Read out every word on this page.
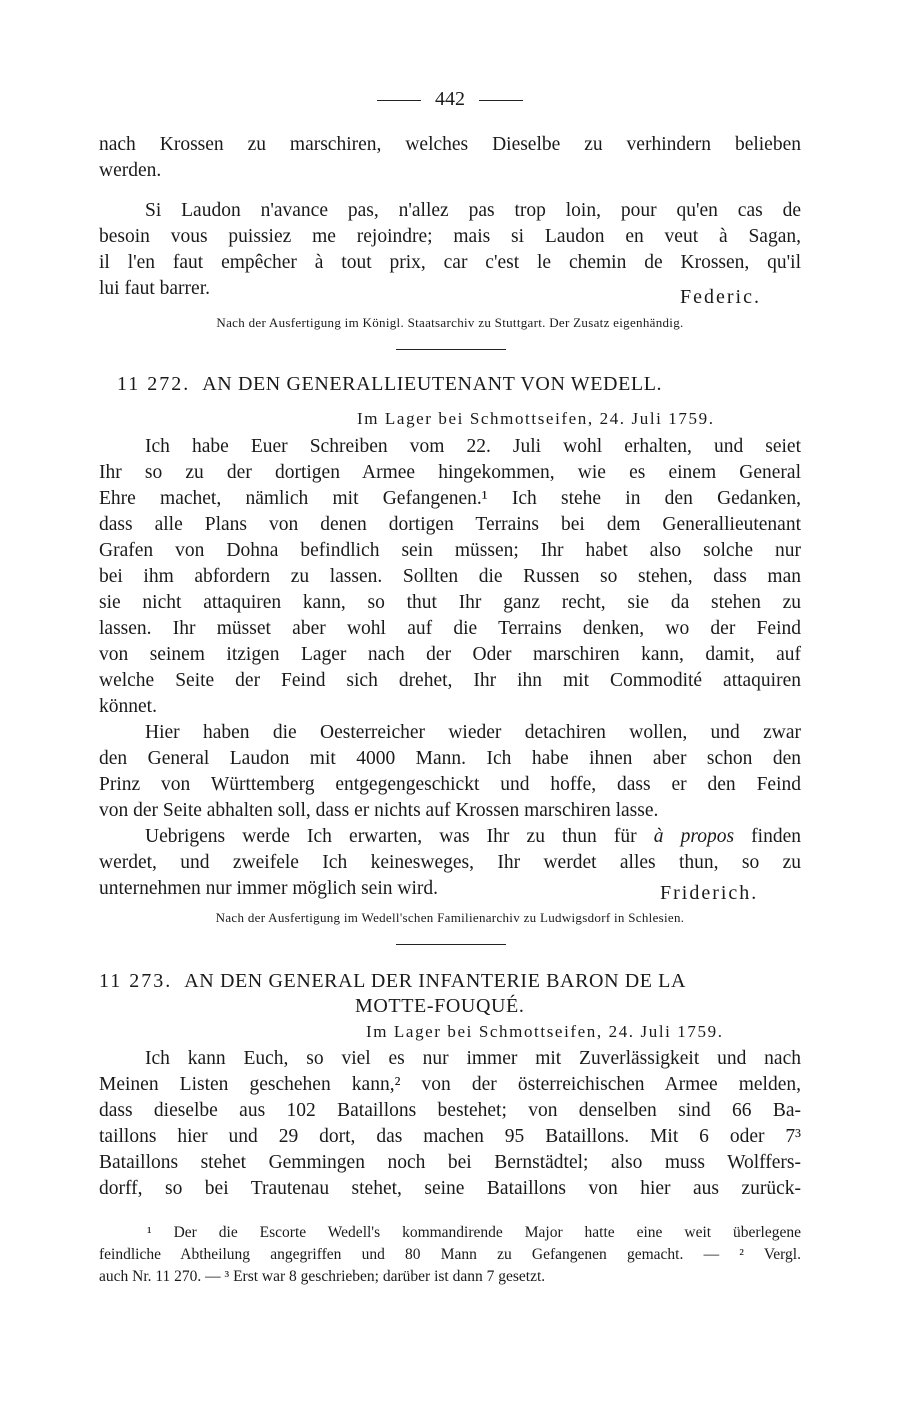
442

nach Krossen zu marschiren, welches Dieselbe zu verhindern belieben
werden.

Si Laudon n'avance pas, n'allez pas trop loin, pour qu'en cas de
besoin vous puissiez me rejoindre; mais si Laudon en veut à Sagan,
il l'en faut empêcher à tout prix, car c'est le chemin de Krossen, qu'il
lui faut barrer.	Federic.
Nach der Ausfertigung im Königl. Staatsarchiv zu Stuttgart. Der Zusatz eigenhändig.
11 272. AN DEN GENERALLIEUTENANT VON WEDELL.
Im Lager bei Schmottseifen, 24. Juli 1759.

Ich habe Euer Schreiben vom 22. Juli wohl erhalten, und seiet
Ihr so zu der dortigen Armee hingekommen, wie es einem General
Ehre machet, nämlich mit Gefangenen.¹ Ich stehe in den Gedanken,
dass alle Plans von denen dortigen Terrains bei dem Generallieutenant
Grafen von Dohna befindlich sein müssen; Ihr habet also solche nur
bei ihm abfordern zu lassen. Sollten die Russen so stehen, dass man
sie nicht attaquiren kann, so thut Ihr ganz recht, sie da stehen zu
lassen. Ihr müsset aber wohl auf die Terrains denken, wo der Feind
von seinem itzigen Lager nach der Oder marschiren kann, damit, auf
welche Seite der Feind sich drehet, Ihr ihn mit Commodité attaquiren
könnet.

Hier haben die Oesterreicher wieder detachiren wollen, und zwar
den General Laudon mit 4000 Mann. Ich habe ihnen aber schon den
Prinz von Württemberg entgegengeschickt und hoffe, dass er den Feind
von der Seite abhalten soll, dass er nichts auf Krossen marschiren lasse.

Uebrigens werde Ich erwarten, was Ihr zu thun für à propos finden
werdet, und zweifele Ich keinesweges, Ihr werdet alles thun, so zu
unternehmen nur immer möglich sein wird.	Friderich.
Nach der Ausfertigung im Wedell'schen Familienarchiv zu Ludwigsdorf in Schlesien.
11 273. AN DEN GENERAL DER INFANTERIE BARON DE LA
MOTTE-FOUQUÉ.
Im Lager bei Schmottseifen, 24. Juli 1759.

Ich kann Euch, so viel es nur immer mit Zuverlässigkeit und nach
Meinen Listen geschehen kann,² von der österreichischen Armee melden,
dass dieselbe aus 102 Bataillons bestehet; von denselben sind 66 Ba-
taillons hier und 29 dort, das machen 95 Bataillons. Mit 6 oder 7³
Bataillons stehet Gemmingen noch bei Bernstädtel; also muss Wolffers-
dorff, so bei Trautenau stehet, seine Bataillons von hier aus zurück-

¹ Der die Escorte Wedell's kommandirende Major hatte eine weit überlegene
feindliche Abtheilung angegriffen und 80 Mann zu Gefangenen gemacht. — ² Vergl.
auch Nr. 11 270. — ³ Erst war 8 geschrieben; darüber ist dann 7 gesetzt.
